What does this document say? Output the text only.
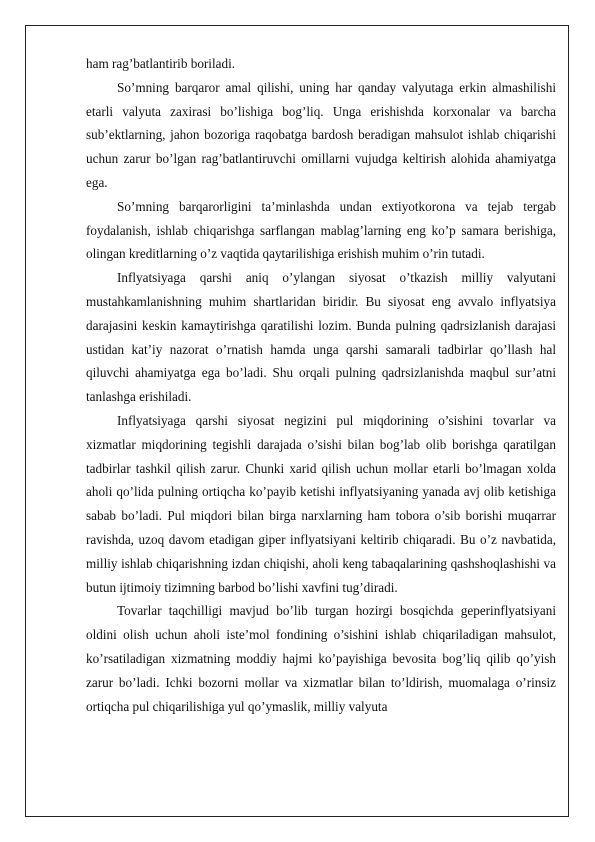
ham rag’batlantirib boriladi.

So’mning barqaror amal qilishi, uning har qanday valyutaga erkin almashilishi etarli valyuta zaxirasi bo’lishiga bog’liq. Unga erishishda korxonalar va barcha sub’ektlarning, jahon bozoriga raqobatga bardosh beradigan mahsulot ishlab chiqarishi uchun zarur bo’lgan rag’batlantiruvchi omillarni vujudga keltirish alohida ahamiyatga ega.

So’mning barqarorligini ta’minlashda undan extiyotkorona va tejab tergab foydalanish, ishlab chiqarishga sarflangan mablag’larning eng ko’p samara berishiga, olingan kreditlarning o’z vaqtida qaytarilishiga erishish muhim o’rin tutadi.

Inflyatsiyaga qarshi aniq o’ylangan siyosat o’tkazish milliy valyutani mustahkamlanishning muhim shartlaridan biridir. Bu siyosat eng avvalo inflyatsiya darajasini keskin kamaytirishga qaratilishi lozim. Bunda pulning qadrsizlanish darajasi ustidan kat’iy nazorat o’rnatish hamda unga qarshi samarali tadbirlar qo’llash hal qiluvchi ahamiyatga ega bo’ladi. Shu orqali pulning qadrsizlanishda maqbul sur’atni tanlashga erishiladi.

Inflyatsiyaga qarshi siyosat negizini pul miqdorining o’sishini tovarlar va xizmatlar miqdorining tegishli darajada o’sishi bilan bog’lab olib borishga qaratilgan tadbirlar tashkil qilish zarur. Chunki xarid qilish uchun mollar etarli bo’lmagan xolda aholi qo’lida pulning ortiqcha ko’payib ketishi inflyatsiyaning yanada avj olib ketishiga sabab bo’ladi. Pul miqdori bilan birga narxlarning ham tobora o’sib borishi muqarrar ravishda, uzoq davom etadigan giper inflyatsiyani keltirib chiqaradi. Bu o’z navbatida, milliy ishlab chiqarishning izdan chiqishi, aholi keng tabaqalarining qashshoqlashishi va butun ijtimoiy tizimning barbod bo’lishi xavfini tug’diradi.

Tovarlar taqchilligi mavjud bo’lib turgan hozirgi bosqichda geperinflyatsiyani oldini olish uchun aholi iste’mol fondining o’sishini ishlab chiqariladigan mahsulot, ko’rsatiladigan xizmatning moddiy hajmi ko’payishiga bevosita bog’liq qilib qo’yish zarur bo’ladi. Ichki bozorni mollar va xizmatlar bilan to’ldirish, muomalaga o’rinsiz ortiqcha pul chiqarilishiga yul qo’ymaslik, milliy valyuta
